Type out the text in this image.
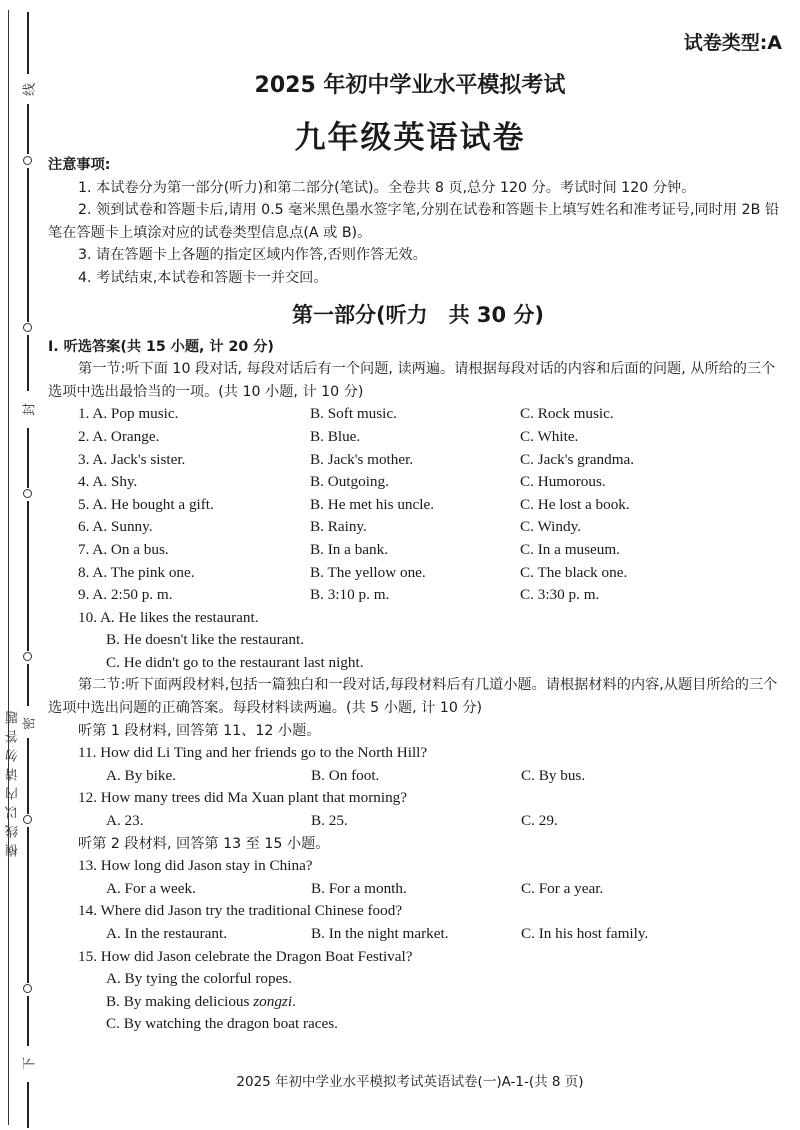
线
封
密
下
横线以内请勿答题
试卷类型:A
2025 年初中学业水平模拟考试
九年级英语试卷
注意事项:
1. 本试卷分为第一部分(听力)和第二部分(笔试)。全卷共 8 页,总分 120 分。考试时间 120 分钟。
2. 领到试卷和答题卡后,请用 0.5 毫米黑色墨水签字笔,分别在试卷和答题卡上填写姓名和准考证号,同时用 2B 铅笔在答题卡上填涂对应的试卷类型信息点(A 或 B)。
3. 请在答题卡上各题的指定区域内作答,否则作答无效。
4. 考试结束,本试卷和答题卡一并交回。
第一部分(听力　共 30 分)
Ⅰ. 听选答案(共 15 小题, 计 20 分)
第一节:听下面 10 段对话, 每段对话后有一个问题, 读两遍。请根据每段对话的内容和后面的问题, 从所给的三个选项中选出最恰当的一项。(共 10 小题, 计 10 分)
1. A. Pop music.	B. Soft music.	C. Rock music.
2. A. Orange.	B. Blue.	C. White.
3. A. Jack's sister.	B. Jack's mother.	C. Jack's grandma.
4. A. Shy.	B. Outgoing.	C. Humorous.
5. A. He bought a gift.	B. He met his uncle.	C. He lost a book.
6. A. Sunny.	B. Rainy.	C. Windy.
7. A. On a bus.	B. In a bank.	C. In a museum.
8. A. The pink one.	B. The yellow one.	C. The black one.
9. A. 2:50 p. m.	B. 3:10 p. m.	C. 3:30 p. m.
10. A. He likes the restaurant.
B. He doesn't like the restaurant.
C. He didn't go to the restaurant last night.
第二节:听下面两段材料,包括一篇独白和一段对话,每段材料后有几道小题。请根据材料的内容,从题目所给的三个选项中选出问题的正确答案。每段材料读两遍。(共 5 小题, 计 10 分)
听第 1 段材料, 回答第 11、12 小题。
11. How did Li Ting and her friends go to the North Hill?
A. By bike.	B. On foot.	C. By bus.
12. How many trees did Ma Xuan plant that morning?
A. 23.	B. 25.	C. 29.
听第 2 段材料, 回答第 13 至 15 小题。
13. How long did Jason stay in China?
A. For a week.	B. For a month.	C. For a year.
14. Where did Jason try the traditional Chinese food?
A. In the restaurant.	B. In the night market.	C. In his host family.
15. How did Jason celebrate the Dragon Boat Festival?
A. By tying the colorful ropes.
B. By making delicious zongzi.
C. By watching the dragon boat races.
2025 年初中学业水平模拟考试英语试卷(一)A-1-(共 8 页)
